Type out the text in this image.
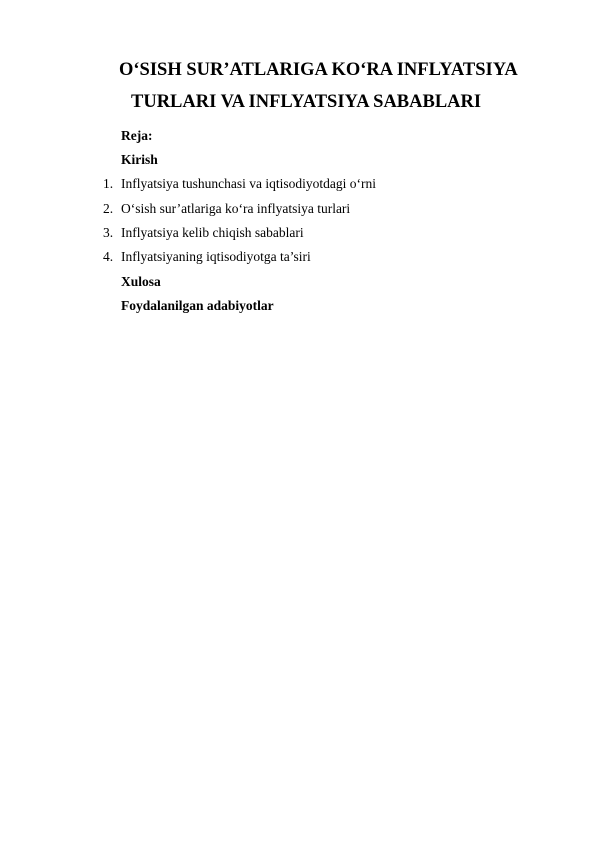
O‘SISH SUR’ATLARIGA KO‘RA INFLYATSIYA
TURLARI VA INFLYATSIYA SABABLARI
Reja:
Kirish
1. Inflyatsiya tushunchasi va iqtisodiyotdagi o‘rni
2. O‘sish sur’atlariga ko‘ra inflyatsiya turlari
3. Inflyatsiya kelib chiqish sabablari
4. Inflyatsiyaning iqtisodiyotga ta’siri
Xulosa
Foydalanilgan adabiyotlar
